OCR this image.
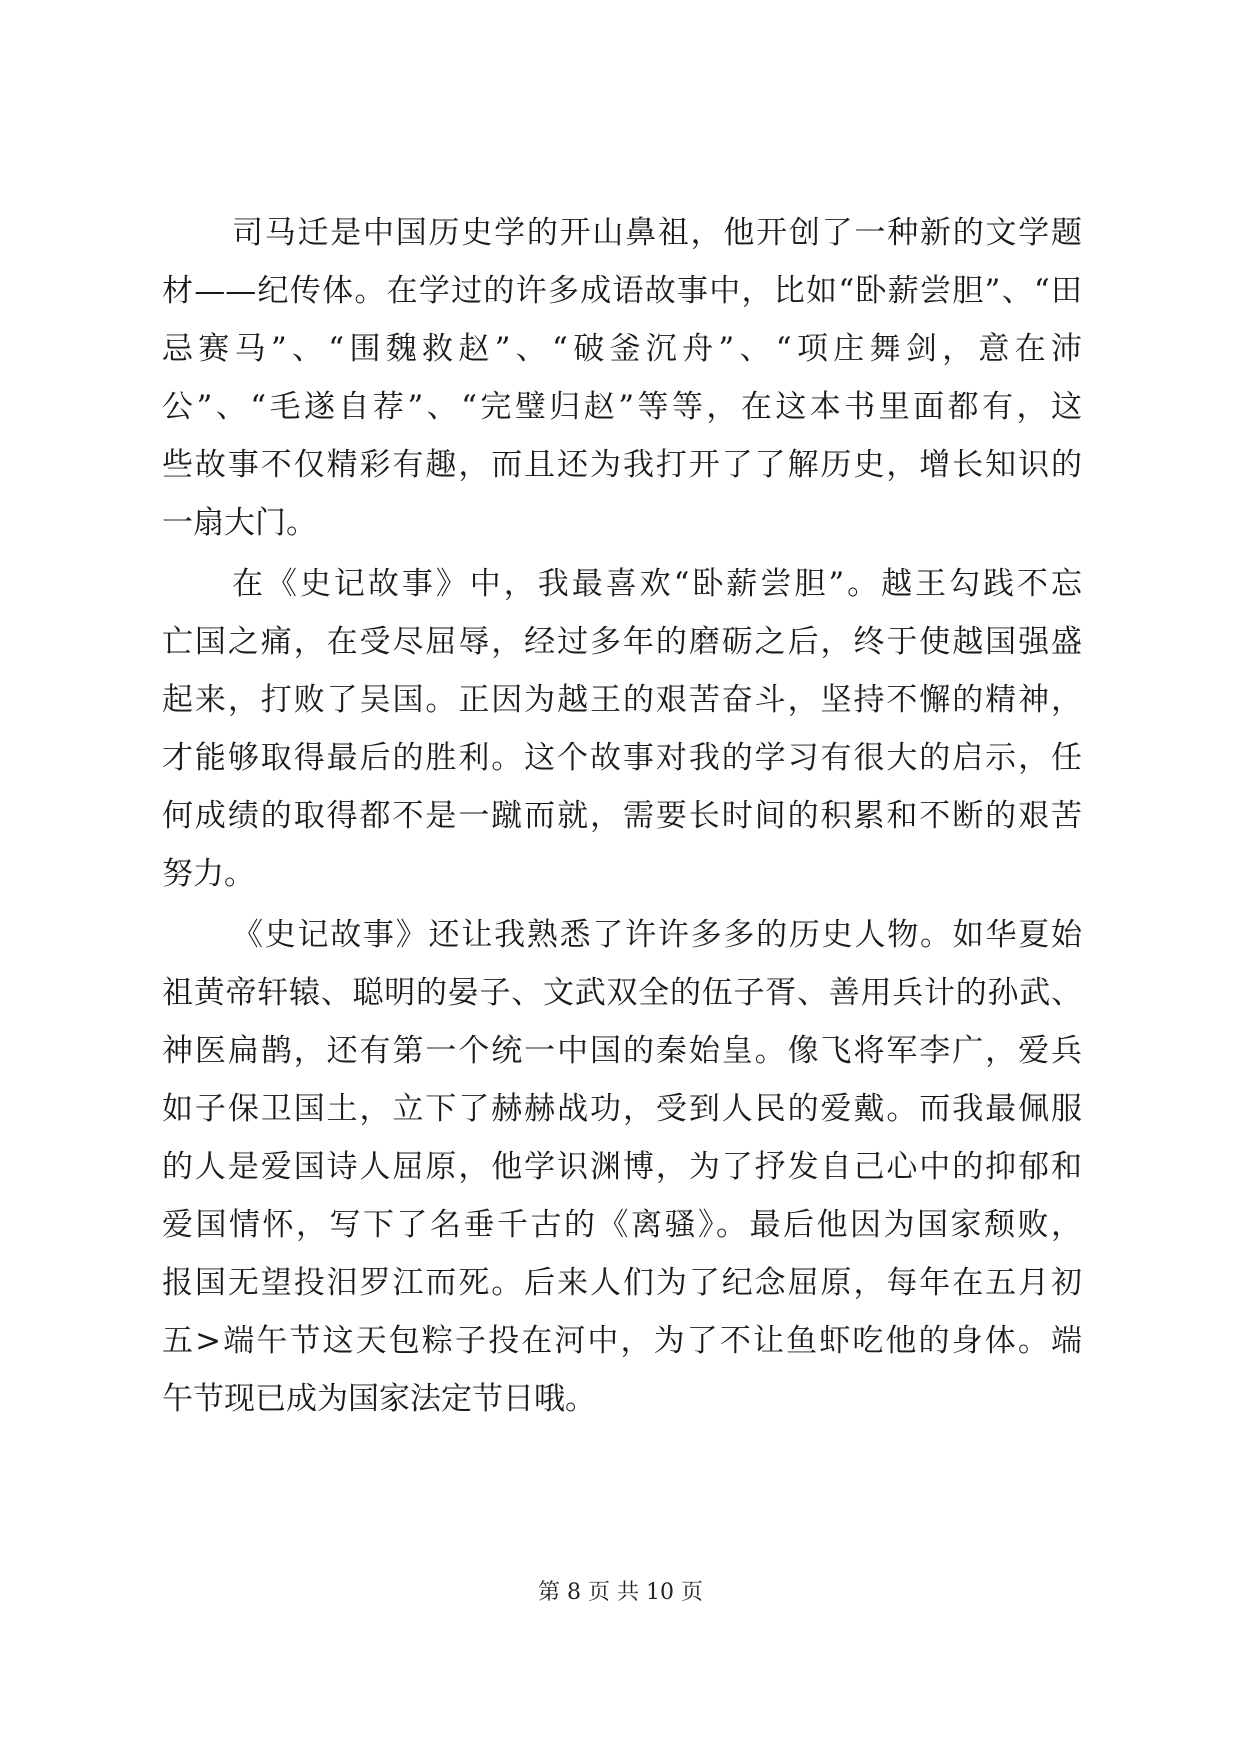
司马迁是中国历史学的开山鼻祖，他开创了一种新的文学题
材——纪传体。在学过的许多成语故事中，比如“卧薪尝胆”、“田
忌赛马”、“围魏救赵”、“破釜沉舟”、“项庄舞剑，意在沛
公”、“毛遂自荐”、“完璧归赵”等等，在这本书里面都有，这
些故事不仅精彩有趣，而且还为我打开了了解历史，增长知识的
一扇大门。
在《史记故事》中，我最喜欢“卧薪尝胆”。越王勾践不忘
亡国之痛，在受尽屈辱，经过多年的磨砺之后，终于使越国强盛
起来，打败了吴国。正因为越王的艰苦奋斗，坚持不懈的精神，
才能够取得最后的胜利。这个故事对我的学习有很大的启示，任
何成绩的取得都不是一蹴而就，需要长时间的积累和不断的艰苦
努力。
《史记故事》还让我熟悉了许许多多的历史人物。如华夏始
祖黄帝轩辕、聪明的晏子、文武双全的伍子胥、善用兵计的孙武、
神医扁鹊，还有第一个统一中国的秦始皇。像飞将军李广，爱兵
如子保卫国土，立下了赫赫战功，受到人民的爱戴。而我最佩服
的人是爱国诗人屈原，他学识渊博，为了抒发自己心中的抑郁和
爱国情怀，写下了名垂千古的《离骚》。最后他因为国家颓败，
报国无望投汨罗江而死。后来人们为了纪念屈原，每年在五月初
五>端午节这天包粽子投在河中，为了不让鱼虾吃他的身体。端
午节现已成为国家法定节日哦。
第 8 页 共 10 页
